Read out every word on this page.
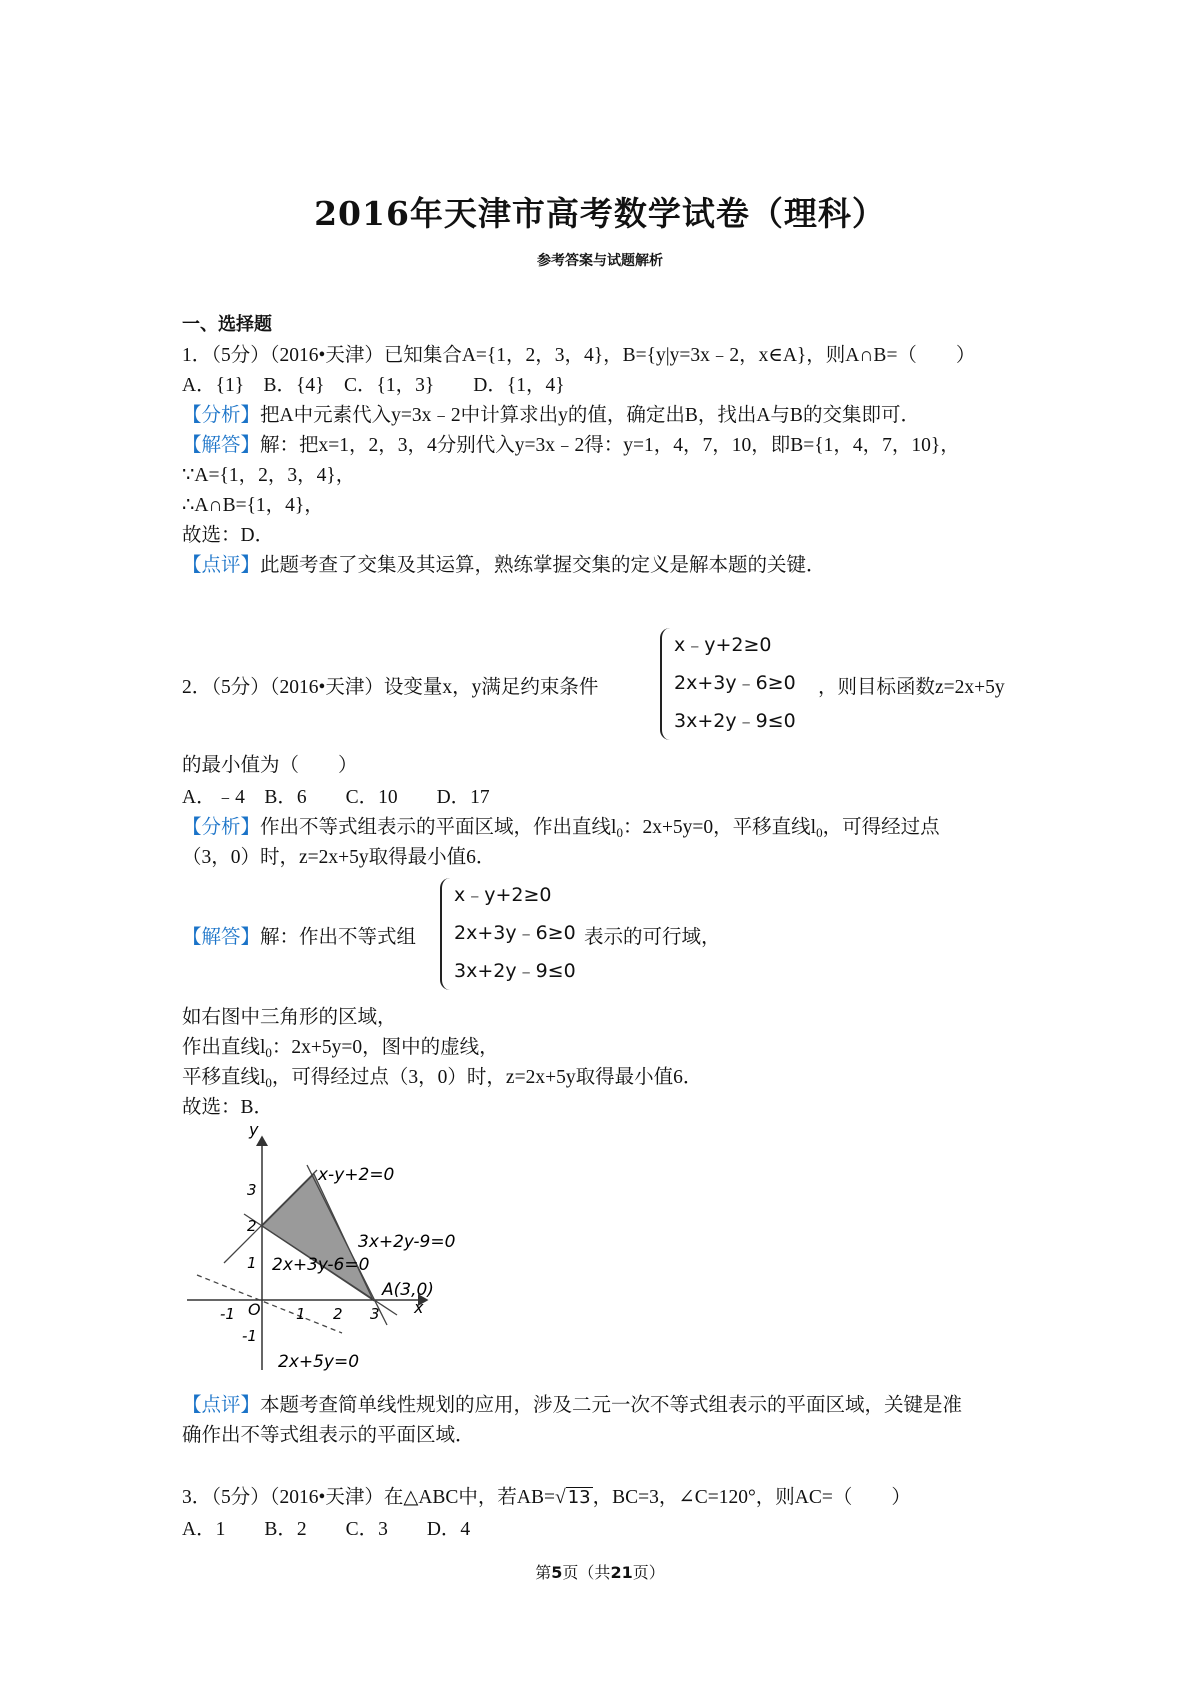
2016年天津市高考数学试卷（理科）
参考答案与试题解析
一、选择题
1．（5分）（2016•天津）已知集合A={1，2，3，4}，B={y|y=3x﹣2，x∈A}，则A∩B=（　　）
A．{1}　B．{4}　C．{1，3}　　D．{1，4}
【分析】把A中元素代入y=3x﹣2中计算求出y的值，确定出B，找出A与B的交集即可．
【解答】解：把x=1，2，3，4分别代入y=3x﹣2得：y=1，4，7，10，即B={1，4，7，10}，
∵A={1，2，3，4}，
∴A∩B={1，4}，
故选：D．
【点评】此题考查了交集及其运算，熟练掌握交集的定义是解本题的关键．
2．（5分）（2016•天津）设变量x，y满足约束条件
x﹣y+2≥0
2x+3y﹣6≥0
3x+2y﹣9≤0
，则目标函数z=2x+5y
的最小值为（　　）
A．﹣4　B．6　　C．10　　D．17
【分析】作出不等式组表示的平面区域，作出直线$l_0$：2x+5y=0，平移直线$l_0$，可得经过点
（3，0）时，z=2x+5y取得最小值6．
【解答】解：作出不等式组
x﹣y+2≥0
2x+3y﹣6≥0
3x+2y﹣9≤0
表示的可行域，
如右图中三角形的区域，
作出直线$l_0$：2x+5y=0，图中的虚线，
平移直线$l_0$，可得经过点（3，0）时，z=2x+5y取得最小值6．
故选：B．
y
x
O
-1	1 2 3
3
2
1
-1
x-y+2=0
3x+2y-9=0
2x+3y-6=0
A(3,0)
2x+5y=0
【点评】本题考查简单线性规划的应用，涉及二元一次不等式组表示的平面区域，关键是准
确作出不等式组表示的平面区域．
3．（5分）（2016•天津）在△ABC中，若AB=√ 13 ，BC=3，∠C=120°，则AC=（　　）
A．1　　B．2　　C．3　　D．4
第5页（共21页）
